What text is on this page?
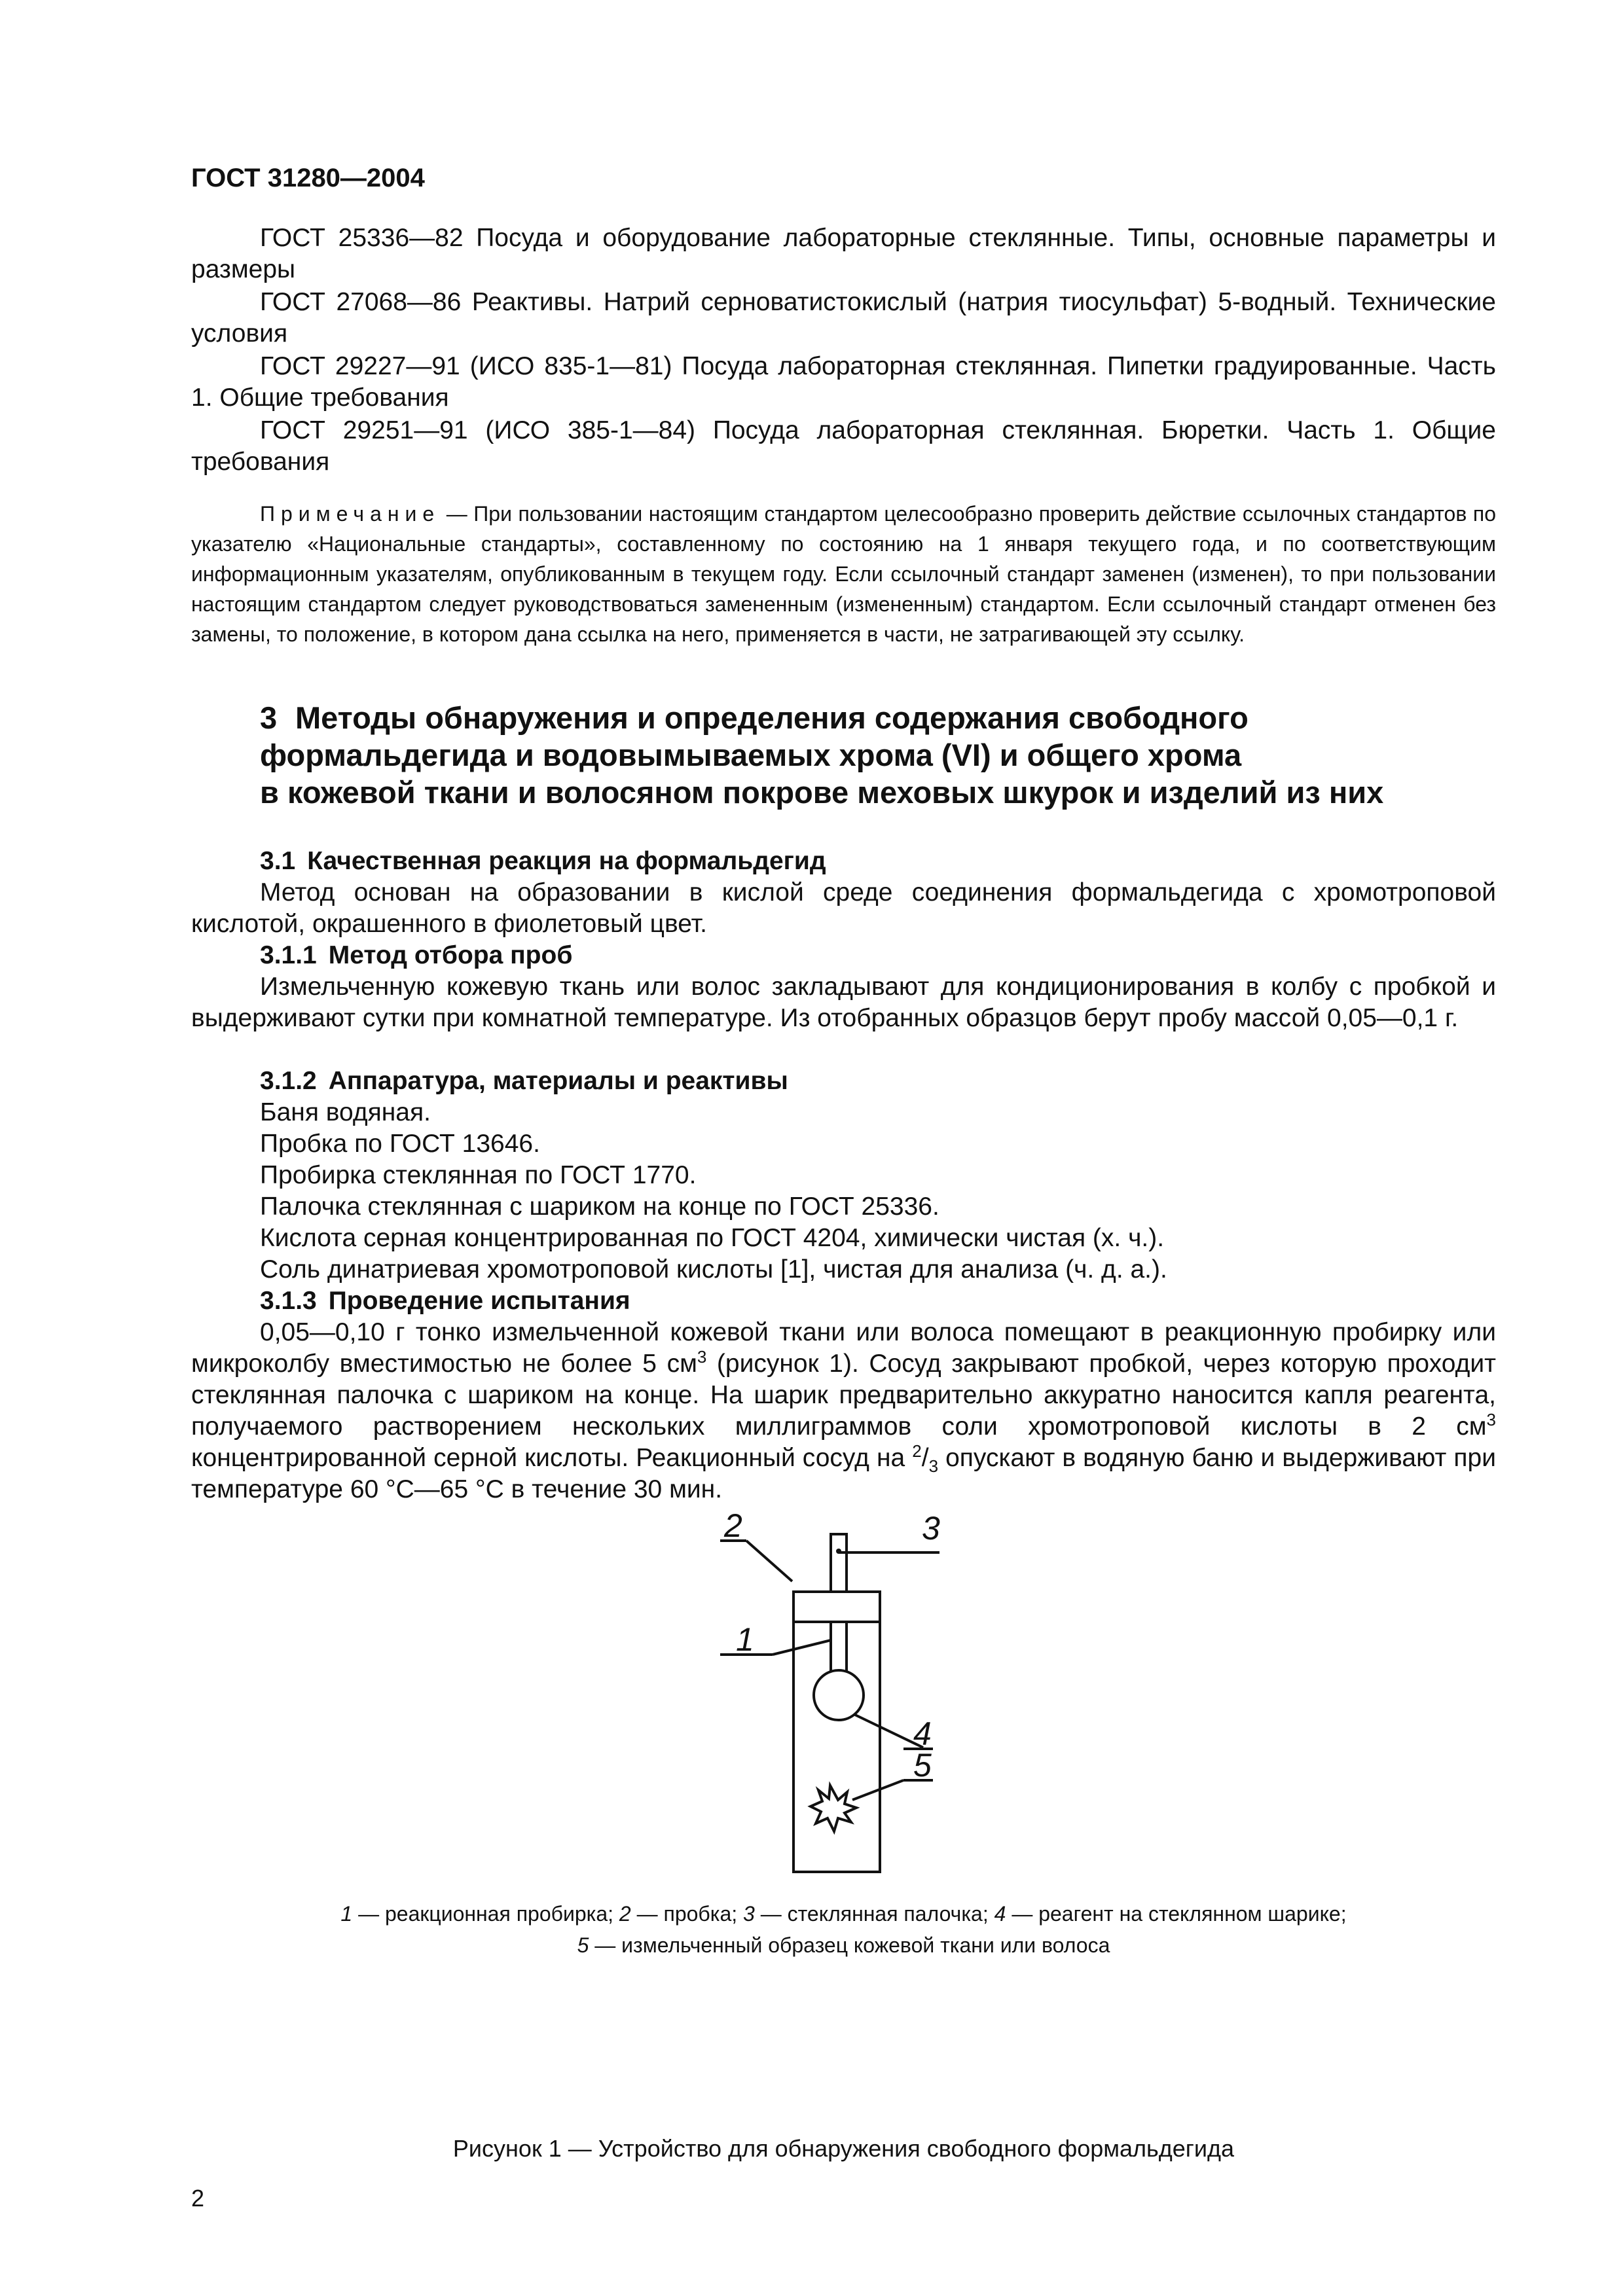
ГОСТ 31280—2004
ГОСТ 25336—82 Посуда и оборудование лабораторные стеклянные. Типы, основные параметры и размеры
ГОСТ 27068—86 Реактивы. Натрий серноватистокислый (натрия тиосульфат) 5-водный. Технические условия
ГОСТ 29227—91 (ИСО 835-1—81) Посуда лабораторная стеклянная. Пипетки градуированные. Часть 1. Общие требования
ГОСТ 29251—91 (ИСО 385-1—84) Посуда лабораторная стеклянная. Бюретки. Часть 1. Общие требования
Примечание — При пользовании настоящим стандартом целесообразно проверить действие ссылочных стандартов по указателю «Национальные стандарты», составленному по состоянию на 1 января текущего года, и по соответствующим информационным указателям, опубликованным в текущем году. Если ссылочный стандарт заменен (изменен), то при пользовании настоящим стандартом следует руководствоваться замененным (измененным) стандартом. Если ссылочный стандарт отменен без замены, то положение, в котором дана ссылка на него, применяется в части, не затрагивающей эту ссылку.
3 Методы обнаружения и определения содержания свободного
формальдегида и водовымываемых хрома (VI) и общего хрома
в кожевой ткани и волосяном покрове меховых шкурок и изделий из них
3.1 Качественная реакция на формальдегид
Метод основан на образовании в кислой среде соединения формальдегида с хромотроповой кислотой, окрашенного в фиолетовый цвет.
3.1.1 Метод отбора проб
Измельченную кожевую ткань или волос закладывают для кондиционирования в колбу с пробкой и выдерживают сутки при комнатной температуре. Из отобранных образцов берут пробу массой 0,05—0,1 г.
3.1.2 Аппаратура, материалы и реактивы
Баня водяная.
Пробка по ГОСТ 13646.
Пробирка стеклянная по ГОСТ 1770.
Палочка стеклянная с шариком на конце по ГОСТ 25336.
Кислота серная концентрированная по ГОСТ 4204, химически чистая (х. ч.).
Соль динатриевая хромотроповой кислоты [1], чистая для анализа (ч. д. а.).
3.1.3 Проведение испытания
0,05—0,10 г тонко измельченной кожевой ткани или волоса помещают в реакционную пробирку или микроколбу вместимостью не более 5 $см^3$ (рисунок 1). Сосуд закрывают пробкой, через которую проходит стеклянная палочка с шариком на конце. На шарик предварительно аккуратно наносится капля реагента, получаемого растворением нескольких миллиграммов соли хромотроповой кислоты в 2 $см^3$ концентрированной серной кислоты. Реакционный сосуд на $^2/_3$ опускают в водяную баню и выдерживают при температуре 60 °C—65 °C в течение 30 мин.
2	3
1
4
5
1 — реакционная пробирка; 2 — пробка; 3 — стеклянная палочка; 4 — реагент на стеклянном шарике;
5 — измельченный образец кожевой ткани или волоса
Рисунок 1 — Устройство для обнаружения свободного формальдегида
2
